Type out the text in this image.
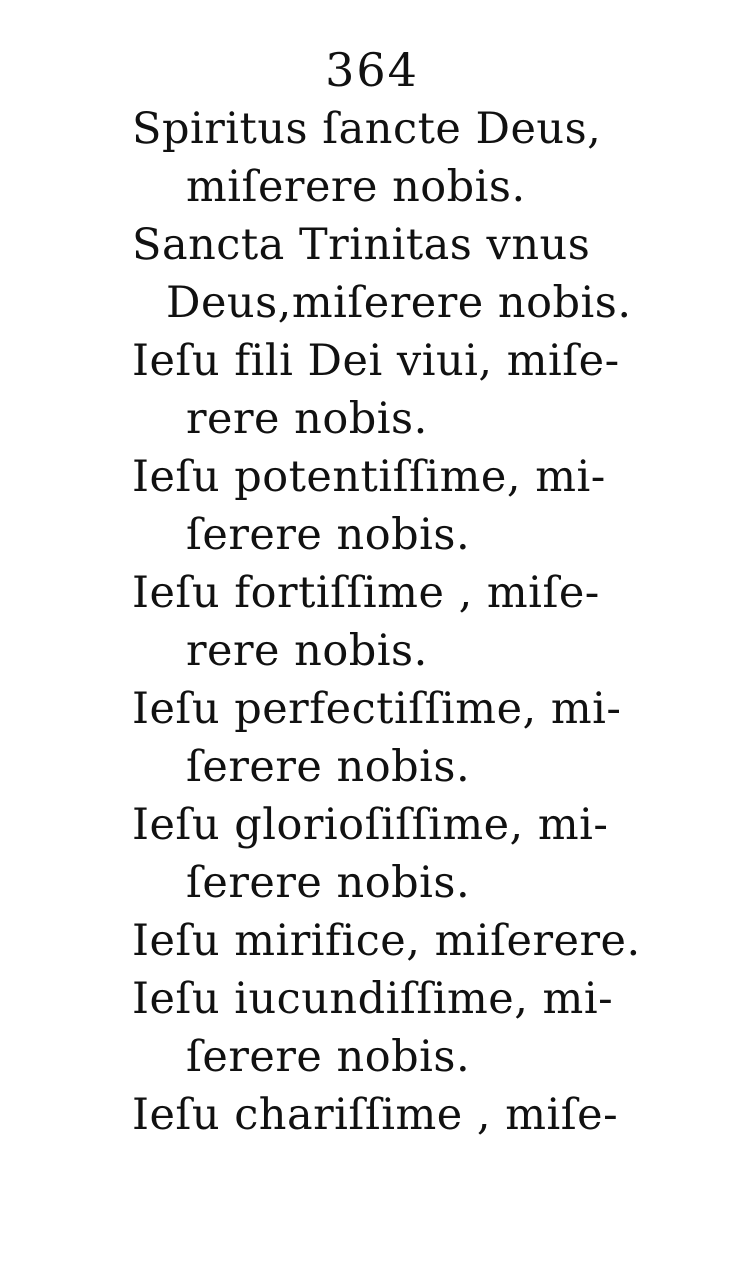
364
Spiritus ſancte Deus,
miſerere nobis.
Sancta Trinitas vnus
Deus,miſerere nobis.
Ieſu fili Dei viui, miſe-
rere nobis.
Ieſu potentiſſime, mi-
ſerere nobis.
Ieſu fortiſſime , miſe-
rere nobis.
Ieſu perfectiſſime, mi-
ſerere nobis.
Ieſu glorioſiſſime, mi-
ſerere nobis.
Ieſu mirifice, miſerere.
Ieſu iucundiſſime, mi-
ſerere nobis.
Ieſu chariſſime , miſe-
